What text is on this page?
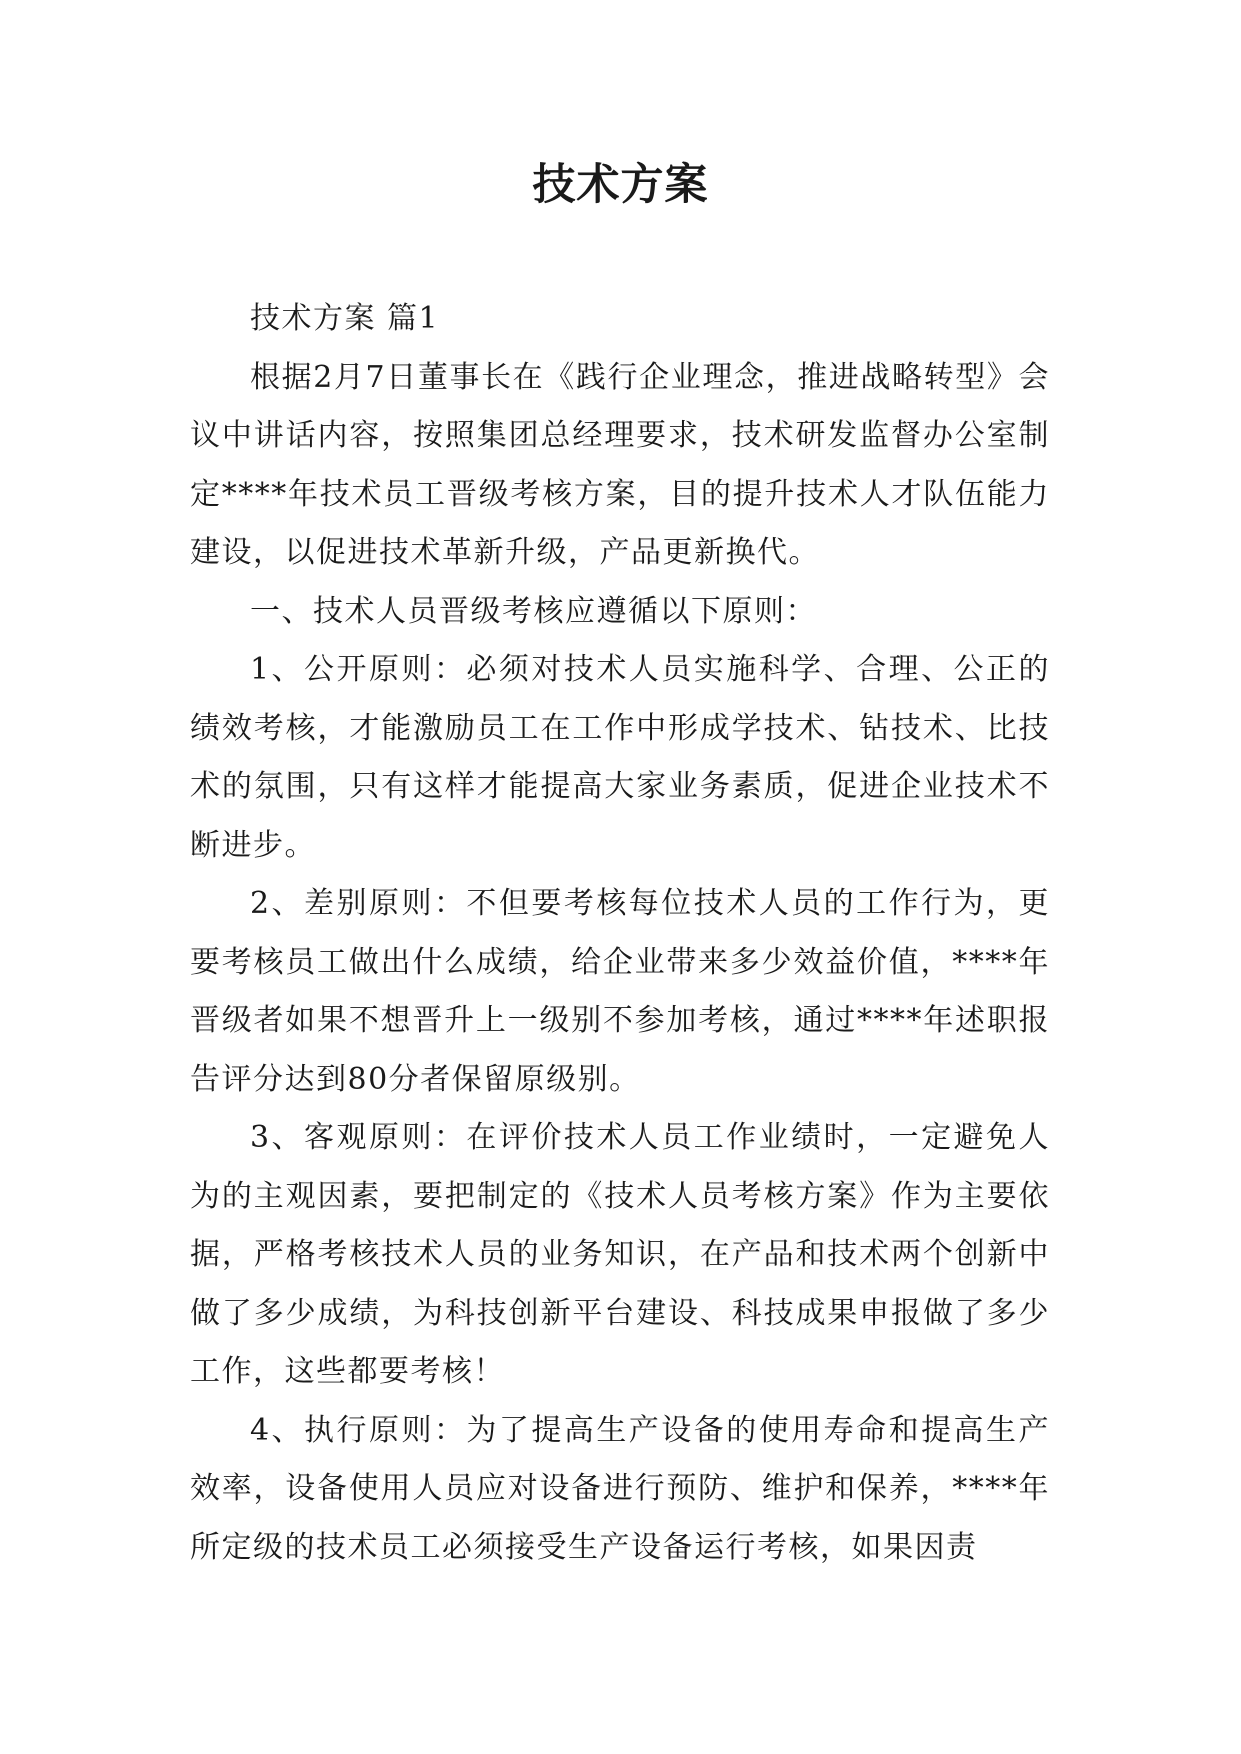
技术方案

技术方案 篇1

根据2月7日董事长在《践行企业理念，推进战略转型》会议中讲话内容，按照集团总经理要求，技术研发监督办公室制定****年技术员工晋级考核方案，目的提升技术人才队伍能力建设，以促进技术革新升级，产品更新换代。

一、技术人员晋级考核应遵循以下原则：

1、公开原则：必须对技术人员实施科学、合理、公正的绩效考核，才能激励员工在工作中形成学技术、钻技术、比技术的氛围，只有这样才能提高大家业务素质，促进企业技术不断进步。

2、差别原则：不但要考核每位技术人员的工作行为，更要考核员工做出什么成绩，给企业带来多少效益价值，****年晋级者如果不想晋升上一级别不参加考核，通过****年述职报告评分达到80分者保留原级别。

3、客观原则：在评价技术人员工作业绩时，一定避免人为的主观因素，要把制定的《技术人员考核方案》作为主要依据，严格考核技术人员的业务知识，在产品和技术两个创新中做了多少成绩，为科技创新平台建设、科技成果申报做了多少工作，这些都要考核！

4、执行原则：为了提高生产设备的使用寿命和提高生产效率，设备使用人员应对设备进行预防、维护和保养，****年所定级的技术员工必须接受生产设备运行考核，如果因责
